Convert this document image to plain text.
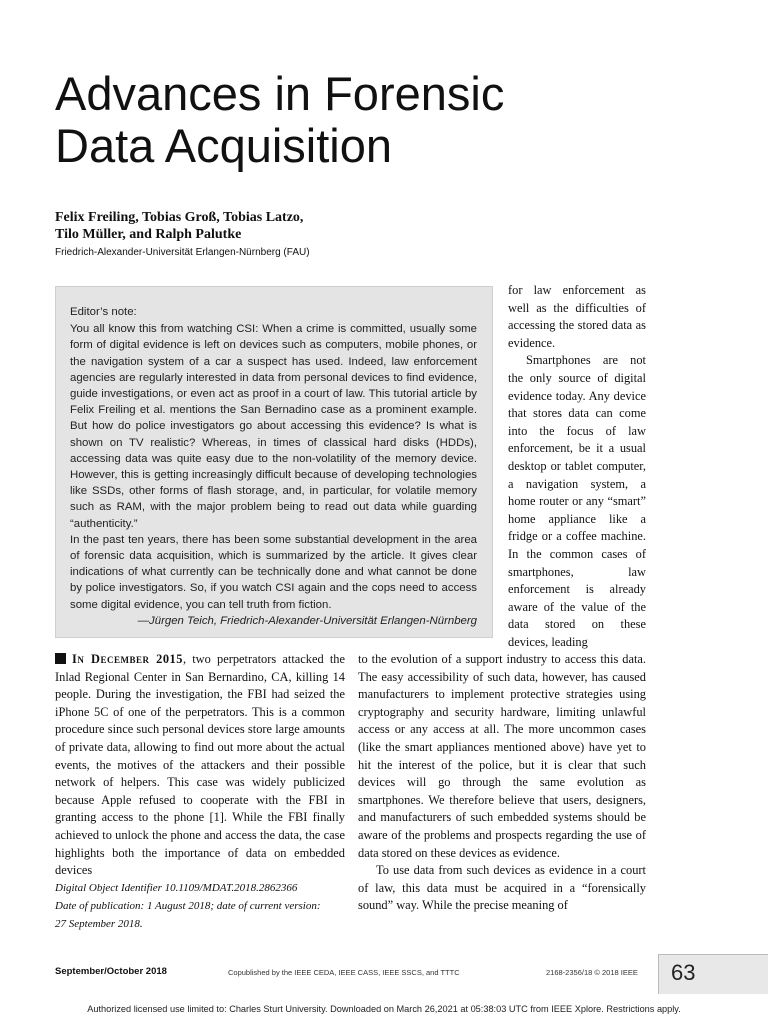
Advances in Forensic
Data Acquisition
Felix Freiling, Tobias Groß, Tobias Latzo,
Tilo Müller, and Ralph Palutke
Friedrich-Alexander-Universität Erlangen-Nürnberg (FAU)

Editor’s note:

You all know this from watching CSI: When a crime is committed, usually some form of digital evidence is left on devices such as computers, mobile phones, or the navigation system of a car a suspect has used. Indeed, law enforcement agencies are regularly interested in data from personal devices to find evidence, guide investigations, or even act as proof in a court of law. This tutorial article by Felix Freiling et al. mentions the San Bernadino case as a prominent example. But how do police investigators go about accessing this evidence? Is what is shown on TV realistic? Whereas, in times of classical hard disks (HDDs), accessing data was quite easy due to the non-volatility of the memory device. However, this is getting increasingly difficult because of developing technologies like SSDs, other forms of flash storage, and, in particular, for volatile memory such as RAM, with the major problem being to read out data while guarding “authenticity.”

In the past ten years, there has been some substantial development in the area of forensic data acquisition, which is summarized by the article. It gives clear indications of what currently can be technically done and what cannot be done by police investigators. So, if you watch CSI again and the cops need to access some digital evidence, you can tell truth from fiction.

—Jürgen Teich, Friedrich-Alexander-Universität Erlangen-Nürnberg

for law enforcement as well as the difficulties of accessing the stored data as evidence.

Smartphones are not the only source of digital evidence today. Any device that stores data can come into the focus of law enforcement, be it a usual desktop or tablet computer, a navigation system, a home router or any “smart” home appliance like a fridge or a coffee machine. In the common cases of smartphones, law enforcement is already aware of the value of the data stored on these devices, leading

In December 2015, two perpetrators attacked the Inlad Regional Center in San Bernardino, CA, killing 14 people. During the investigation, the FBI had seized the iPhone 5C of one of the perpetrators. This is a common procedure since such personal devices store large amounts of private data, allowing to find out more about the actual events, the motives of the attackers and their possible network of helpers. This case was widely publicized because Apple refused to cooperate with the FBI in granting access to the phone [1]. While the FBI finally achieved to unlock the phone and access the data, the case highlights both the importance of data on embedded devices

to the evolution of a support industry to access this data. The easy accessibility of such data, however, has caused manufacturers to implement protective strategies using cryptography and security hardware, limiting unlawful access or any access at all. The more uncommon cases (like the smart appliances mentioned above) have yet to hit the interest of the police, but it is clear that such devices will go through the same evolution as smartphones. We therefore believe that users, designers, and manufacturers of such embedded systems should be aware of the problems and prospects regarding the use of data stored on these devices as evidence.

To use data from such devices as evidence in a court of law, this data must be acquired in a “forensically sound” way. While the precise meaning of

Digital Object Identifier 10.1109/MDAT.2018.2862366
Date of publication: 1 August 2018; date of current version:
27 September 2018.
September/October 2018	Copublished by the IEEE CEDA, IEEE CASS, IEEE SSCS, and TTTC	2168-2356/18 © 2018 IEEE 63
Authorized licensed use limited to: Charles Sturt University. Downloaded on March 26,2021 at 05:38:03 UTC from IEEE Xplore. Restrictions apply.
